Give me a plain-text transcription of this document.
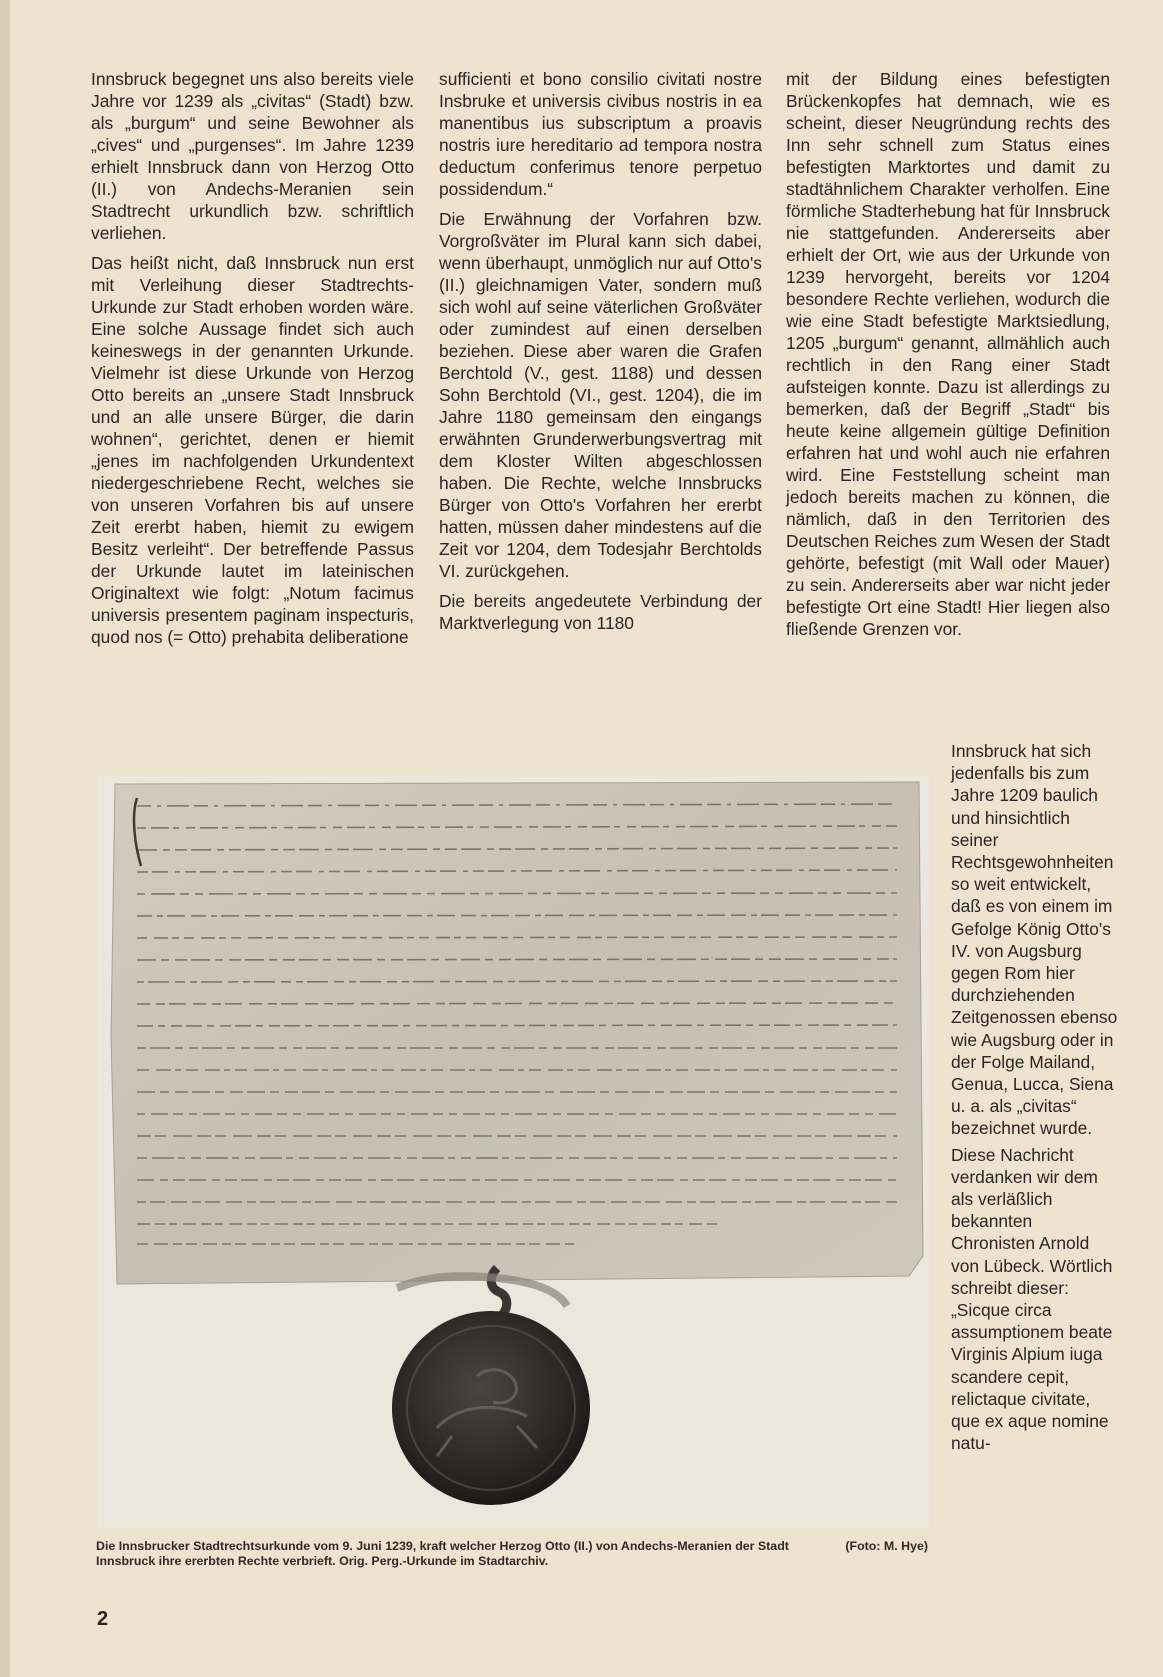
Innsbruck begegnet uns also bereits viele Jahre vor 1239 als „civitas“ (Stadt) bzw. als „burgum“ und seine Bewohner als „cives“ und „purgenses“. Im Jahre 1239 erhielt Innsbruck dann von Herzog Otto (II.) von Andechs-Meranien sein Stadtrecht urkundlich bzw. schriftlich verliehen.

Das heißt nicht, daß Innsbruck nun erst mit Verleihung dieser Stadtrechts-Urkunde zur Stadt erhoben worden wäre. Eine solche Aussage findet sich auch keineswegs in der genannten Urkunde. Vielmehr ist diese Urkunde von Herzog Otto bereits an „unsere Stadt Innsbruck und an alle unsere Bürger, die darin wohnen“, gerichtet, denen er hiemit „jenes im nachfolgenden Urkundentext niedergeschriebene Recht, welches sie von unseren Vorfahren bis auf unsere Zeit ererbt haben, hiemit zu ewigem Besitz verleiht“. Der betreffende Passus der Urkunde lautet im lateinischen Originaltext wie folgt: „Notum facimus universis presentem paginam inspecturis, quod nos (= Otto) prehabita deliberatione

sufficienti et bono consilio civitati nostre Insbruke et universis civibus nostris in ea manentibus ius subscriptum a proavis nostris iure hereditario ad tempora nostra deductum conferimus tenore perpetuo possidendum.“

Die Erwähnung der Vorfahren bzw. Vorgroßväter im Plural kann sich dabei, wenn überhaupt, unmöglich nur auf Otto's (II.) gleichnamigen Vater, sondern muß sich wohl auf seine väterlichen Großväter oder zumindest auf einen derselben beziehen. Diese aber waren die Grafen Berchtold (V., gest. 1188) und dessen Sohn Berchtold (VI., gest. 1204), die im Jahre 1180 gemeinsam den eingangs erwähnten Grunderwerbungsvertrag mit dem Kloster Wilten abgeschlossen haben. Die Rechte, welche Innsbrucks Bürger von Otto's Vorfahren her ererbt hatten, müssen daher mindestens auf die Zeit vor 1204, dem Todesjahr Berchtolds VI. zurückgehen.

Die bereits angedeutete Verbindung der Marktverlegung von 1180

mit der Bildung eines befestigten Brückenkopfes hat demnach, wie es scheint, dieser Neugründung rechts des Inn sehr schnell zum Status eines befestigten Marktortes und damit zu stadtähnlichem Charakter verholfen. Eine förmliche Stadterhebung hat für Innsbruck nie stattgefunden. Andererseits aber erhielt der Ort, wie aus der Urkunde von 1239 hervorgeht, bereits vor 1204 besondere Rechte verliehen, wodurch die wie eine Stadt befestigte Marktsiedlung, 1205 „burgum“ genannt, allmählich auch rechtlich in den Rang einer Stadt aufsteigen konnte. Dazu ist allerdings zu bemerken, daß der Begriff „Stadt“ bis heute keine allgemein gültige Definition erfahren hat und wohl auch nie erfahren wird. Eine Feststellung scheint man jedoch bereits machen zu können, die nämlich, daß in den Territorien des Deutschen Reiches zum Wesen der Stadt gehörte, befestigt (mit Wall oder Mauer) zu sein. Andererseits aber war nicht jeder befestigte Ort eine Stadt! Hier liegen also fließende Grenzen vor.

Innsbruck hat sich jedenfalls bis zum Jahre 1209 baulich und hinsichtlich seiner Rechtsgewohnheiten so weit entwickelt, daß es von einem im Gefolge König Otto's IV. von Augsburg gegen Rom hier durchziehenden Zeitgenossen ebenso wie Augsburg oder in der Folge Mailand, Genua, Lucca, Siena u. a. als „civitas“ bezeichnet wurde.

Diese Nachricht verdanken wir dem als verläßlich bekannten Chronisten Arnold von Lübeck. Wörtlich schreibt dieser: „Sicque circa assumptionem beate Virginis Alpium iuga scandere cepit, relictaque civitate, que ex aque nomine natu-

(Foto: M. Hye)
Die Innsbrucker Stadtrechtsurkunde vom 9. Juni 1239, kraft welcher Herzog Otto (II.) von Andechs-Meranien der Stadt Innsbruck ihre ererbten Rechte verbrieft. Orig. Perg.-Urkunde im Stadtarchiv.
2
